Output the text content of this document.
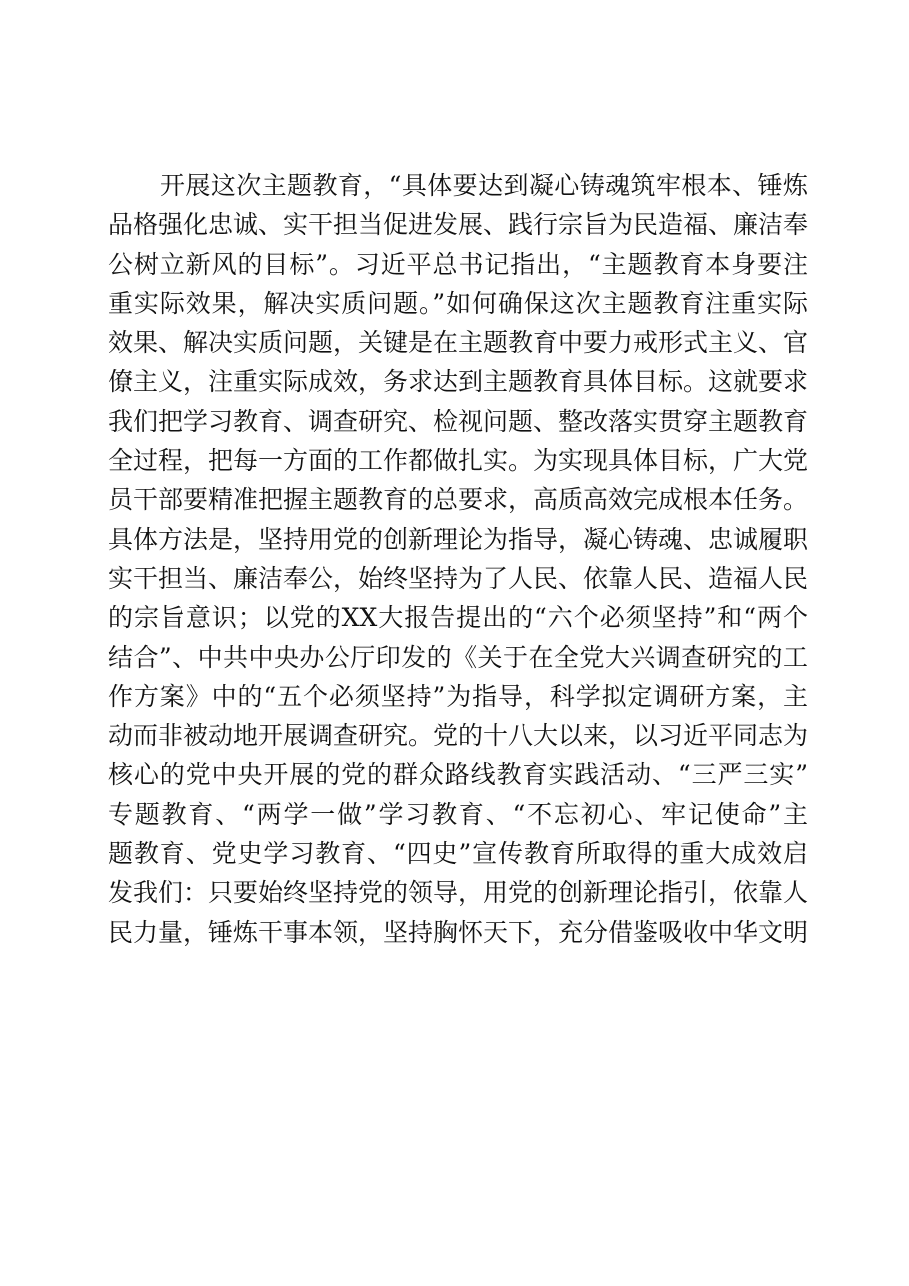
开展这次主题教育，“具体要达到凝心铸魂筑牢根本、锤炼
品格强化忠诚、实干担当促进发展、践行宗旨为民造福、廉洁奉
公树立新风的目标”。习近平总书记指出，“主题教育本身要注
重实际效果，解决实质问题。”如何确保这次主题教育注重实际
效果、解决实质问题，关键是在主题教育中要力戒形式主义、官
僚主义，注重实际成效，务求达到主题教育具体目标。这就要求
我们把学习教育、调查研究、检视问题、整改落实贯穿主题教育
全过程，把每一方面的工作都做扎实。为实现具体目标，广大党
员干部要精准把握主题教育的总要求，高质高效完成根本任务。
具体方法是，坚持用党的创新理论为指导，凝心铸魂、忠诚履职
实干担当、廉洁奉公，始终坚持为了人民、依靠人民、造福人民
的宗旨意识；以党的XX大报告提出的“六个必须坚持”和“两个
结合”、中共中央办公厅印发的《关于在全党大兴调查研究的工
作方案》中的“五个必须坚持”为指导，科学拟定调研方案，主
动而非被动地开展调查研究。党的十八大以来，以习近平同志为
核心的党中央开展的党的群众路线教育实践活动、“三严三实”
专题教育、“两学一做”学习教育、“不忘初心、牢记使命”主
题教育、党史学习教育、“四史”宣传教育所取得的重大成效启
发我们：只要始终坚持党的领导，用党的创新理论指引，依靠人
民力量，锤炼干事本领，坚持胸怀天下，充分借鉴吸收中华文明
